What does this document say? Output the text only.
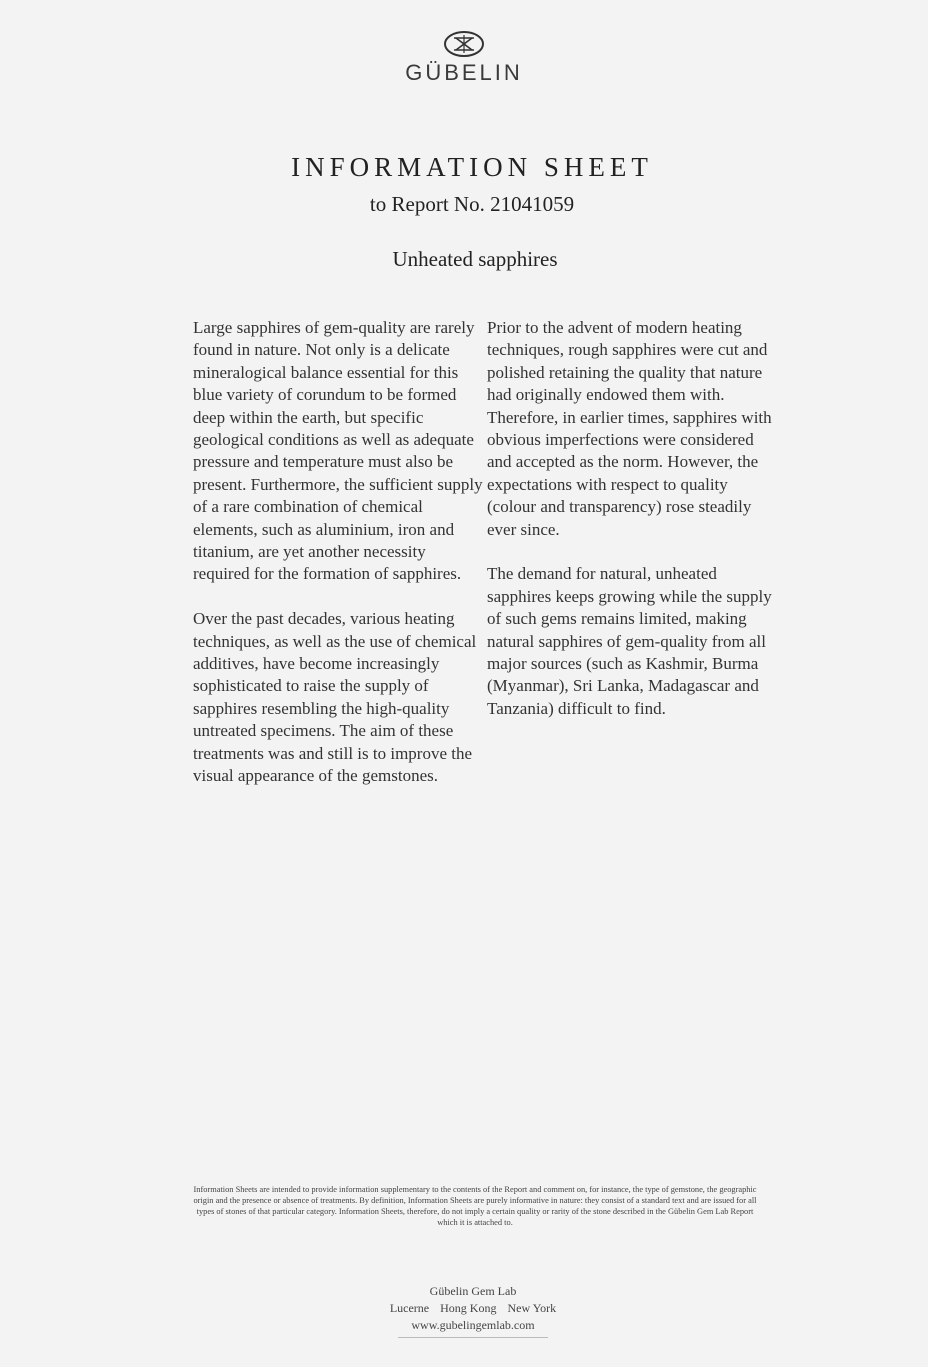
GÜBELIN
INFORMATION SHEET
to Report No. 21041059
Unheated sapphires

Large sapphires of gem-quality are rarely found in nature. Not only is a delicate mineralogical balance essential for this blue variety of corundum to be formed deep within the earth, but specific geological conditions as well as adequate pressure and temperature must also be present. Furthermore, the sufficient supply of a rare combination of chemical elements, such as aluminium, iron and titanium, are yet another necessity required for the formation of sapphires.

Over the past decades, various heating techniques, as well as the use of chemical additives, have become increasingly sophisticated to raise the supply of sapphires resembling the high-quality untreated specimens. The aim of these treatments was and still is to improve the visual appearance of the gemstones.

Prior to the advent of modern heating techniques, rough sapphires were cut and polished retaining the quality that nature had originally endowed them with. Therefore, in earlier times, sapphires with obvious imperfections were considered and accepted as the norm. However, the expectations with respect to quality (colour and transparency) rose steadily ever since.

The demand for natural, unheated sapphires keeps growing while the supply of such gems remains limited, making natural sapphires of gem-quality from all major sources (such as Kashmir, Burma (Myanmar), Sri Lanka, Madagascar and Tanzania) difficult to find.

Information Sheets are intended to provide information supplementary to the contents of the Report and comment on, for instance, the type of gemstone, the geographic origin and the presence or absence of treatments. By definition, Information Sheets are purely informative in nature: they consist of a standard text and are issued for all types of stones of that particular category. Information Sheets, therefore, do not imply a certain quality or rarity of the stone described in the Gübelin Gem Lab Report which it is attached to.
Gübelin Gem Lab
Lucerne Hong Kong New York
www.gubelingemlab.com
